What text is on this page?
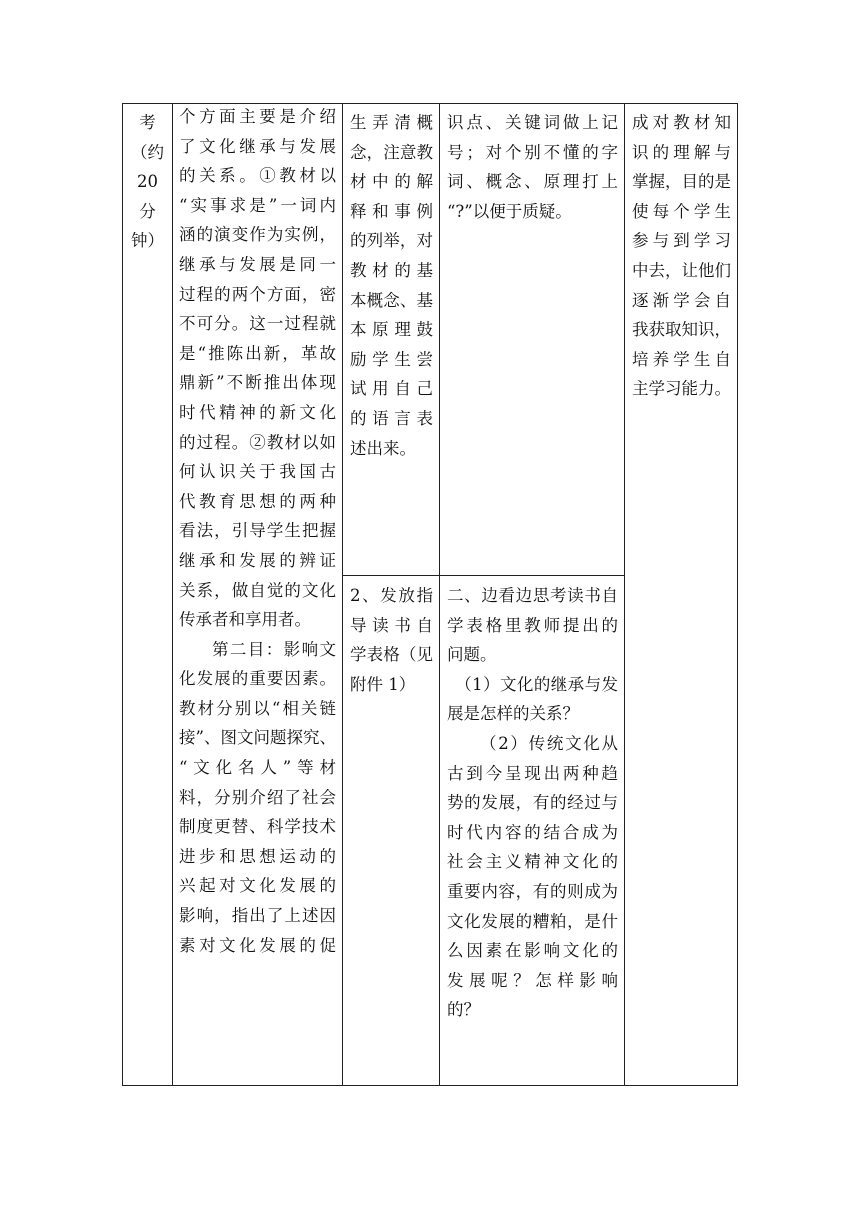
考

（约

20

分

钟）

个方面主要是介绍

了文化继承与发展

的关系。①教材以

“实事求是”一词内

涵的演变作为实例，

继承与发展是同一

过程的两个方面，密

不可分。这一过程就

是“推陈出新，革故

鼎新”不断推出体现

时代精神的新文化

的过程。②教材以如

何认识关于我国古

代教育思想的两种

看法，引导学生把握

继承和发展的辨证

关系，做自觉的文化

传承者和享用者。

第二目：影响文

化发展的重要因素。

教材分别以“相关链

接”、图文问题探究、

“文化名人”等材

料，分别介绍了社会

制度更替、科学技术

进步和思想运动的

兴起对文化发展的

影响，指出了上述因

素对文化发展的促

生弄清概

念，注意教

材中的解

释和事例

的列举，对

教材的基

本概念、基

本原理鼓

励学生尝

试用自己

的语言表

述出来。

识点、关键词做上记

号；对个别不懂的字

词、概念、原理打上

“?”以便于质疑。

2、发放指

导读书自

学表格（见

附件 1）

二、边看边思考读书自

学表格里教师提出的

问题。

（1）文化的继承与发

展是怎样的关系？

（2）传统文化从

古到今呈现出两种趋

势的发展，有的经过与

时代内容的结合成为

社会主义精神文化的

重要内容，有的则成为

文化发展的糟粕，是什

么因素在影响文化的

发展呢？怎样影响

的？

成对教材知

识的理解与

掌握，目的是

使每个学生

参与到学习

中去，让他们

逐渐学会自

我获取知识，

培养学生自

主学习能力。
